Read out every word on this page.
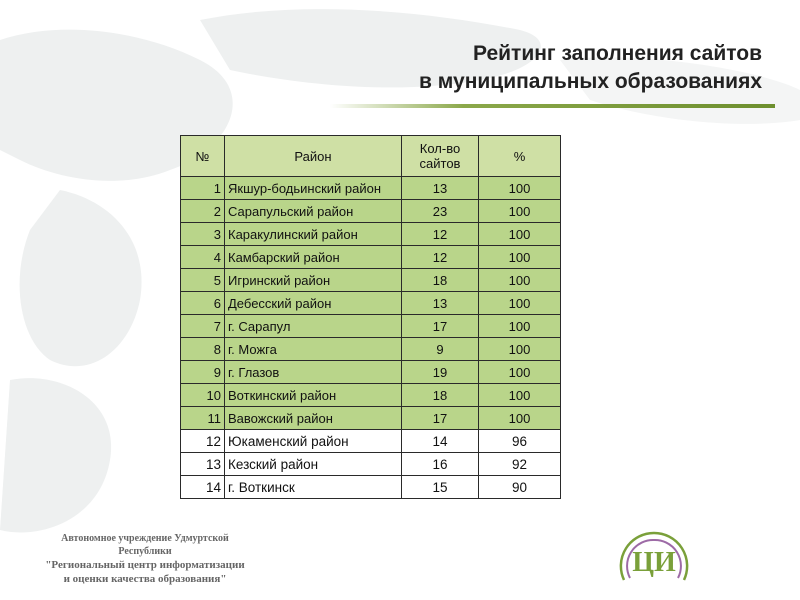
Рейтинг заполнения сайтов
в муниципальных образованиях
№	Район	Кол-во сайтов	%
1	Якшур-бодьинский район	13	100
2	Сарапульский район	23	100
3	Каракулинский район	12	100
4	Камбарский район	12	100
5	Игринский район	18	100
6	Дебесский район	13	100
7	г. Сарапул	17	100
8	г. Можга	9	100
9	г. Глазов	19	100
10	Воткинский район	18	100
11	Вавожский район	17	100
12	Юкаменский район	14	96
13	Кезский район	16	92
14	г. Воткинск	15	90
Автономное учреждение Удмуртской Республики
"Региональный центр информатизации
и оценки качества образования"
ЦИ
